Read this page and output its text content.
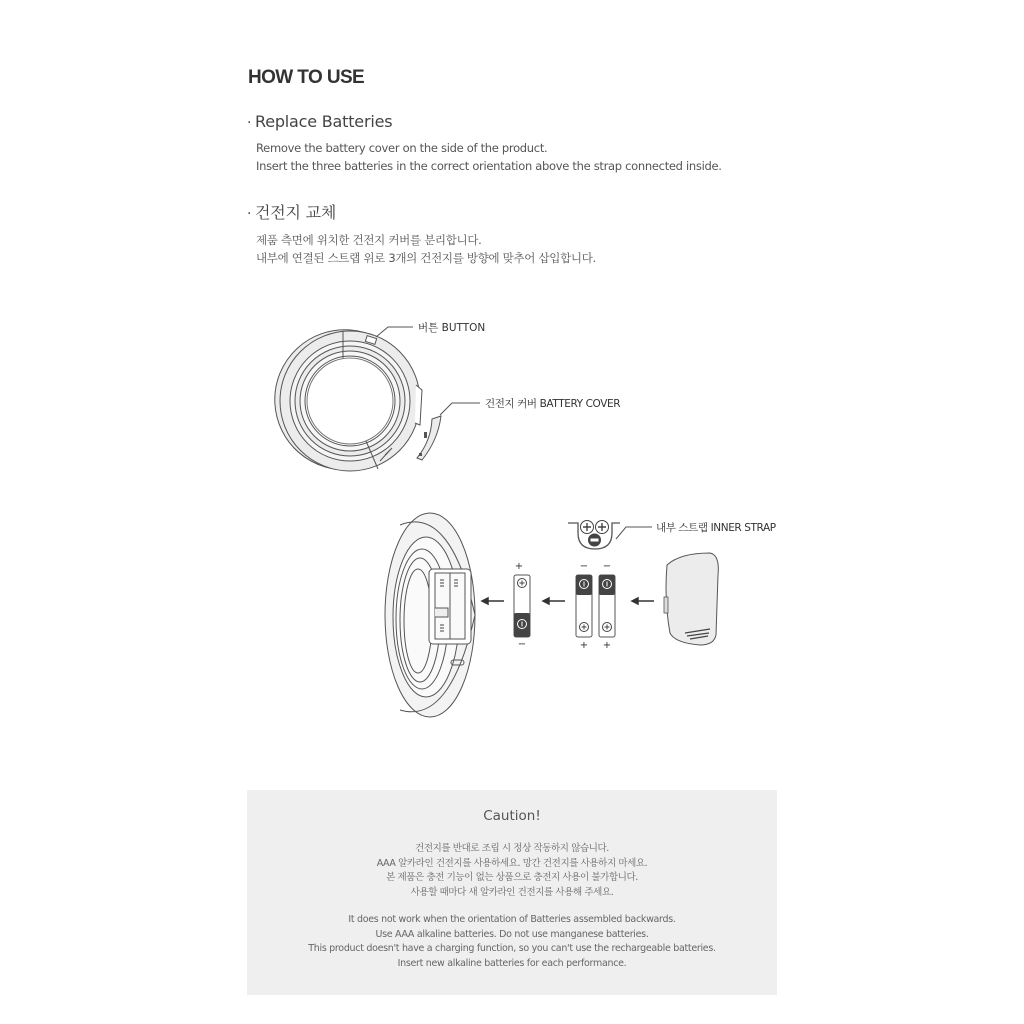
HOW TO USE
· Replace Batteries
Remove the battery cover on the side of the product.
Insert the three batteries in the correct orientation above the strap connected inside.
· 건전지 교체
제품 측면에 위치한 건전지 커버를 분리합니다.
내부에 연결된 스트랩 위로 3개의 건전지를 방향에 맞추어 삽입합니다.
버튼 BUTTON
건전지 커버 BATTERY COVER
+
−
− −
+ +
내부 스트랩 INNER STRAP
Caution!
건전지를 반대로 조립 시 정상 작동하지 않습니다.
AAA 알카라인 건전지를 사용하세요. 망간 건전지를 사용하지 마세요.
본 제품은 충전 기능이 없는 상품으로 충전지 사용이 불가합니다.
사용할 때마다 새 알카라인 건전지를 사용해 주세요.
It does not work when the orientation of Batteries assembled backwards.
Use AAA alkaline batteries. Do not use manganese batteries.
This product doesn't have a charging function, so you can't use the rechargeable batteries.
Insert new alkaline batteries for each performance.
